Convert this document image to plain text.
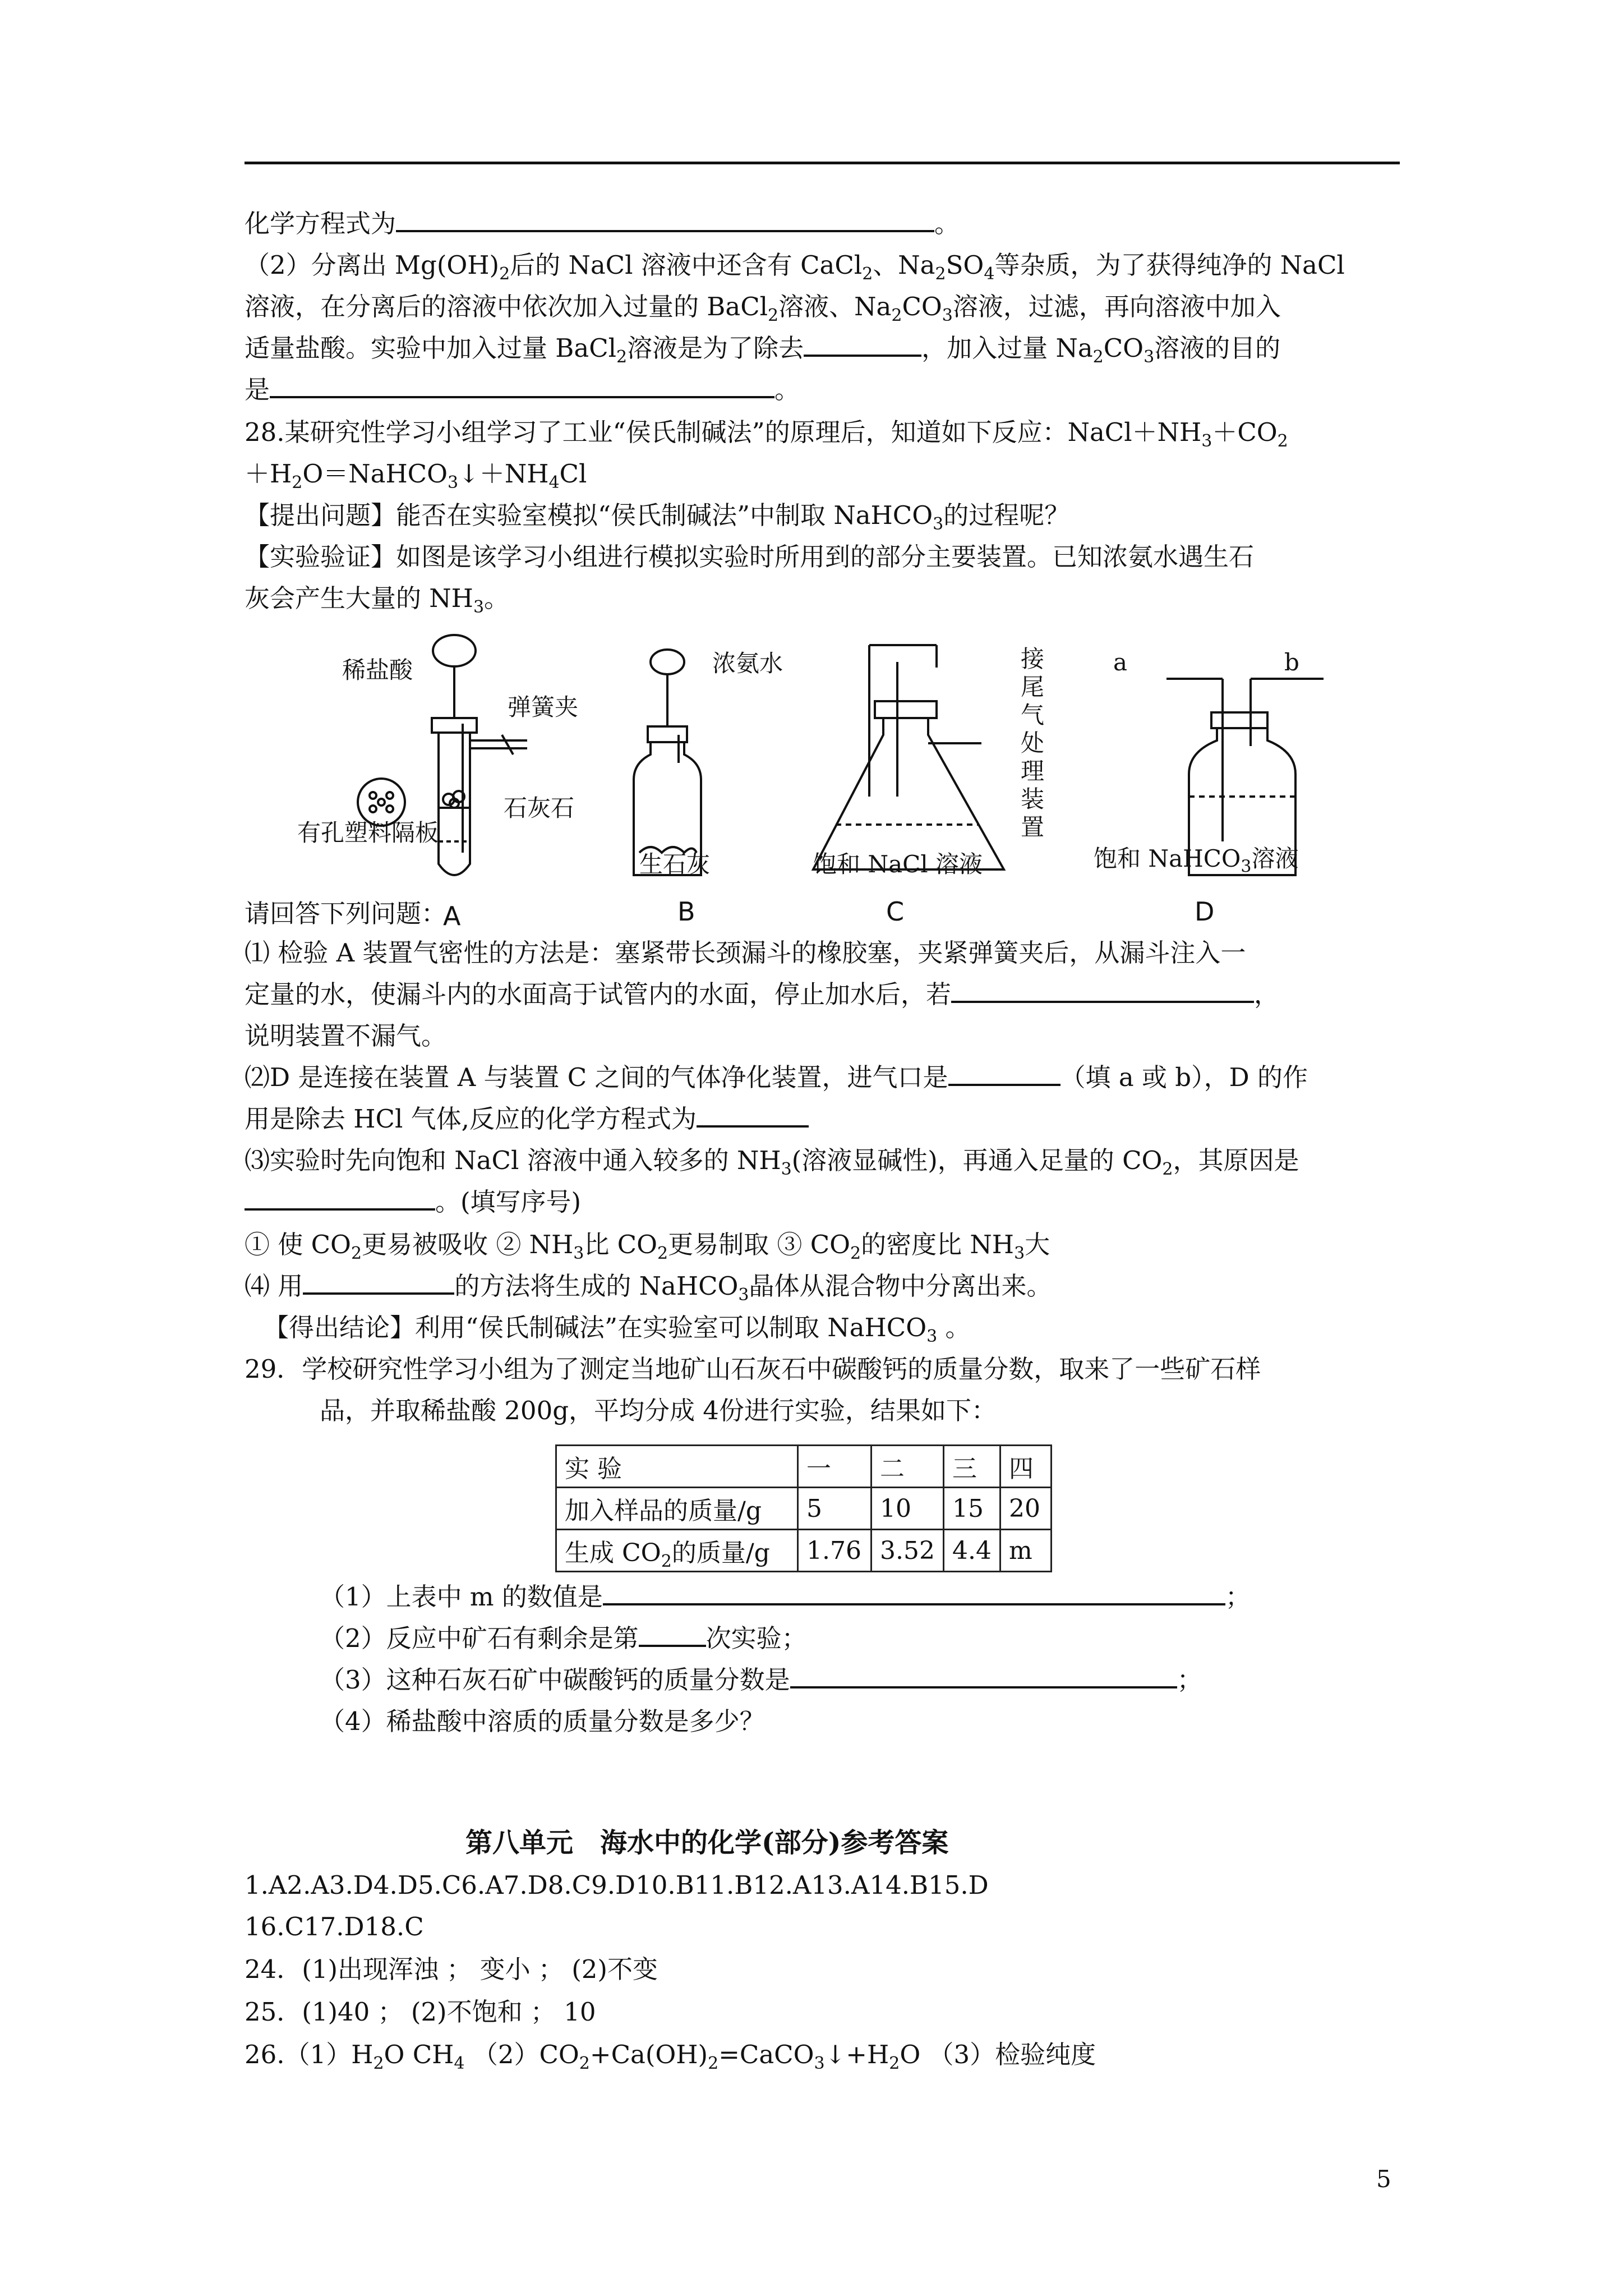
化学方程式为	。
（2）分离出 $Mg(OH)_2$后的 NaCl 溶液中还含有 CaCl$_2$、$Na_2SO_4$等杂质，为了获得纯净的 NaCl
溶液，在分离后的溶液中依次加入过量的 BaCl$_2$溶液、$Na_2CO_3$溶液，过滤，再向溶液中加入
适量盐酸。实验中加入过量 BaCl$_2$溶液是为了除去	，加入过量 $Na_2CO_3$溶液的目的
是	。
28.某研究性学习小组学习了工业“侯氏制碱法”的原理后，知道如下反应：$NaCl+NH_3+CO_2$
$+H_2O=NaHCO_3↓+NH_4Cl$
【提出问题】能否在实验室模拟“侯氏制碱法”中制取 NaHCO$_3$的过程呢？
【实验验证】如图是该学习小组进行模拟实验时所用到的部分主要装置。已知浓氨水遇生石
灰会产生大量的 $NH_3$。
稀盐酸
弹簧夹
有孔塑料隔板
石灰石
浓氨水
生石灰
接尾气处理装置
饱和 NaCl 溶液	饱和 NaHCO$_3$溶液
a	b
请回答下列问题：
A	B	C	D
⑴ 检验 A 装置气密性的方法是：塞紧带长颈漏斗的橡胶塞，夹紧弹簧夹后，从漏斗注入一
定量的水，使漏斗内的水面高于试管内的水面，停止加水后，若	，
说明装置不漏气。
⑵D 是连接在装置 A 与装置 C 之间的气体净化装置，进气口是	（填 a 或 b），D 的作
用是除去 HCl 气体,反应的化学方程式为
⑶实验时先向饱和 NaCl 溶液中通入较多的 $NH_3$(溶液显碱性)，再通入足量的 $CO_2$，其原因是
。(填写序号)
① 使 $CO_2$更易被吸收 ② $NH_3$比 $CO_2$更易制取 ③ $CO_2$的密度比 $NH_3$大
⑷ 用	的方法将生成的 NaHCO$_3$晶体从混合物中分离出来。
【得出结论】利用“侯氏制碱法”在实验室可以制取 NaHCO$_3$ 。
29．学校研究性学习小组为了测定当地矿山石灰石中碳酸钙的质量分数，取来了一些矿石样
品，并取稀盐酸 200g，平均分成 4份进行实验，结果如下：
实 验	一	二	三	四
加入样品的质量/g	5	10	15	20
生成 $CO_2$的质量/g	1.76	3.52	4.4	m
（1）上表中 m 的数值是	；
（2）反应中矿石有剩余是第	次实验；
（3）这种石灰石矿中碳酸钙的质量分数是	；
（4）稀盐酸中溶质的质量分数是多少？
第八单元　海水中的化学(部分)参考答案
1.A2.A3.D4.D5.C6.A7.D8.C9.D10.B11.B12.A13.A14.B15.D
16.C17.D18.C
24．(1)出现浑浊 ； 变小 ； (2)不变
25．(1)40 ； (2)不饱和 ； 10
$26.(1)H_2O$ $CH_4$ $(2)CO_2+Ca(OH)_2=CaCO_3↓+H_2O$ （3）检验纯度
5
